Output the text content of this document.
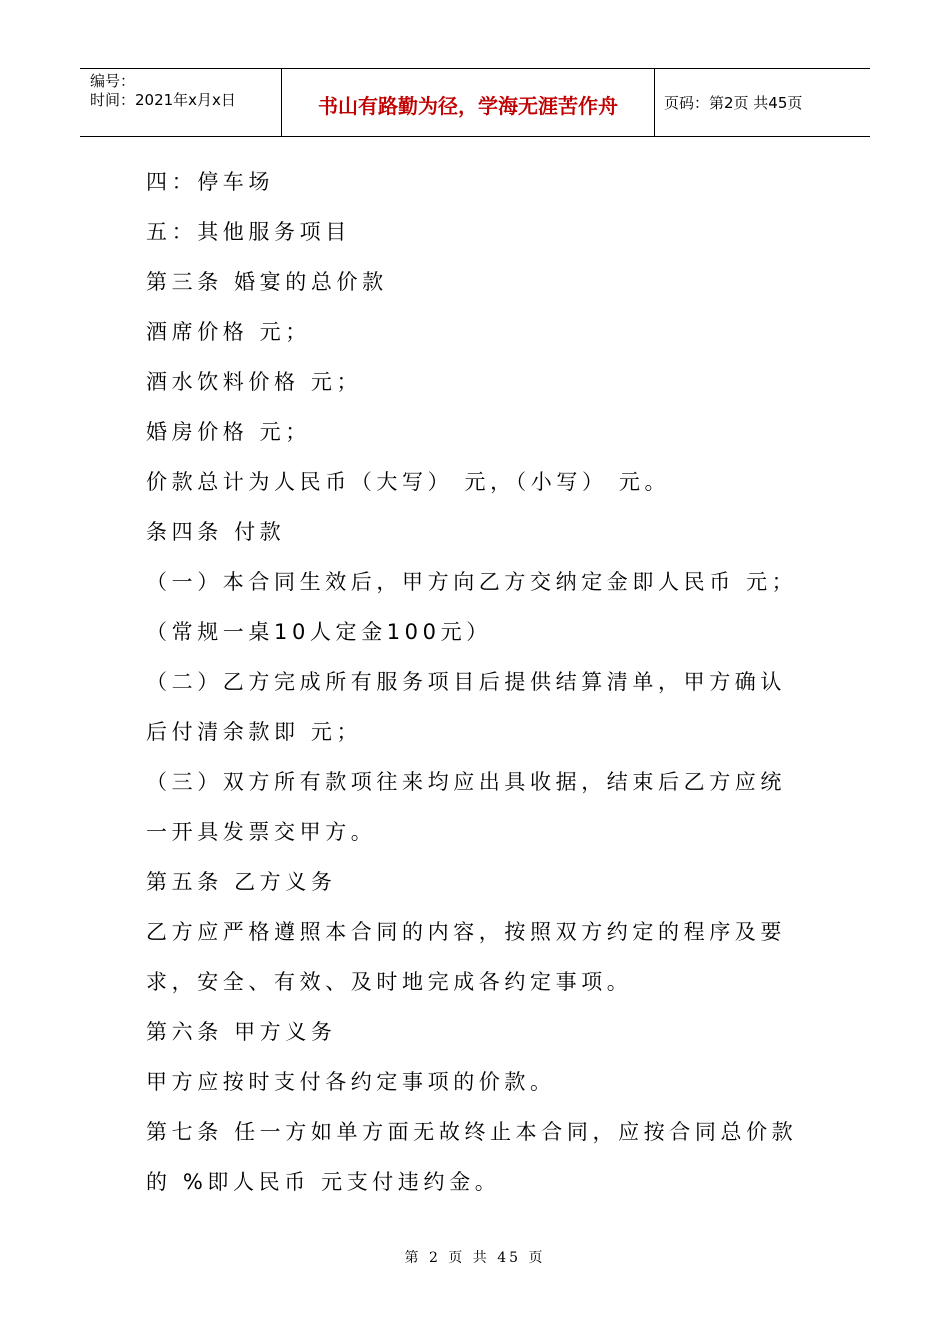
编号：
时间：2021年x月x日	书山有路勤为径，学海无涯苦作舟	页码：第2页 共45页
四：停车场
五：其他服务项目
第三条 婚宴的总价款
酒席价格 元；
酒水饮料价格 元；
婚房价格 元；
价款总计为人民币（大写） 元，（小写） 元。
条四条 付款
（一）本合同生效后，甲方向乙方交纳定金即人民币 元；
（常规一桌10人定金100元）
（二）乙方完成所有服务项目后提供结算清单，甲方确认
后付清余款即 元；
（三）双方所有款项往来均应出具收据，结束后乙方应统
一开具发票交甲方。
第五条 乙方义务
乙方应严格遵照本合同的内容，按照双方约定的程序及要
求，安全、有效、及时地完成各约定事项。
第六条 甲方义务
甲方应按时支付各约定事项的价款。
第七条 任一方如单方面无故终止本合同，应按合同总价款
的 %即人民币 元支付违约金。
第 2 页 共 45 页
